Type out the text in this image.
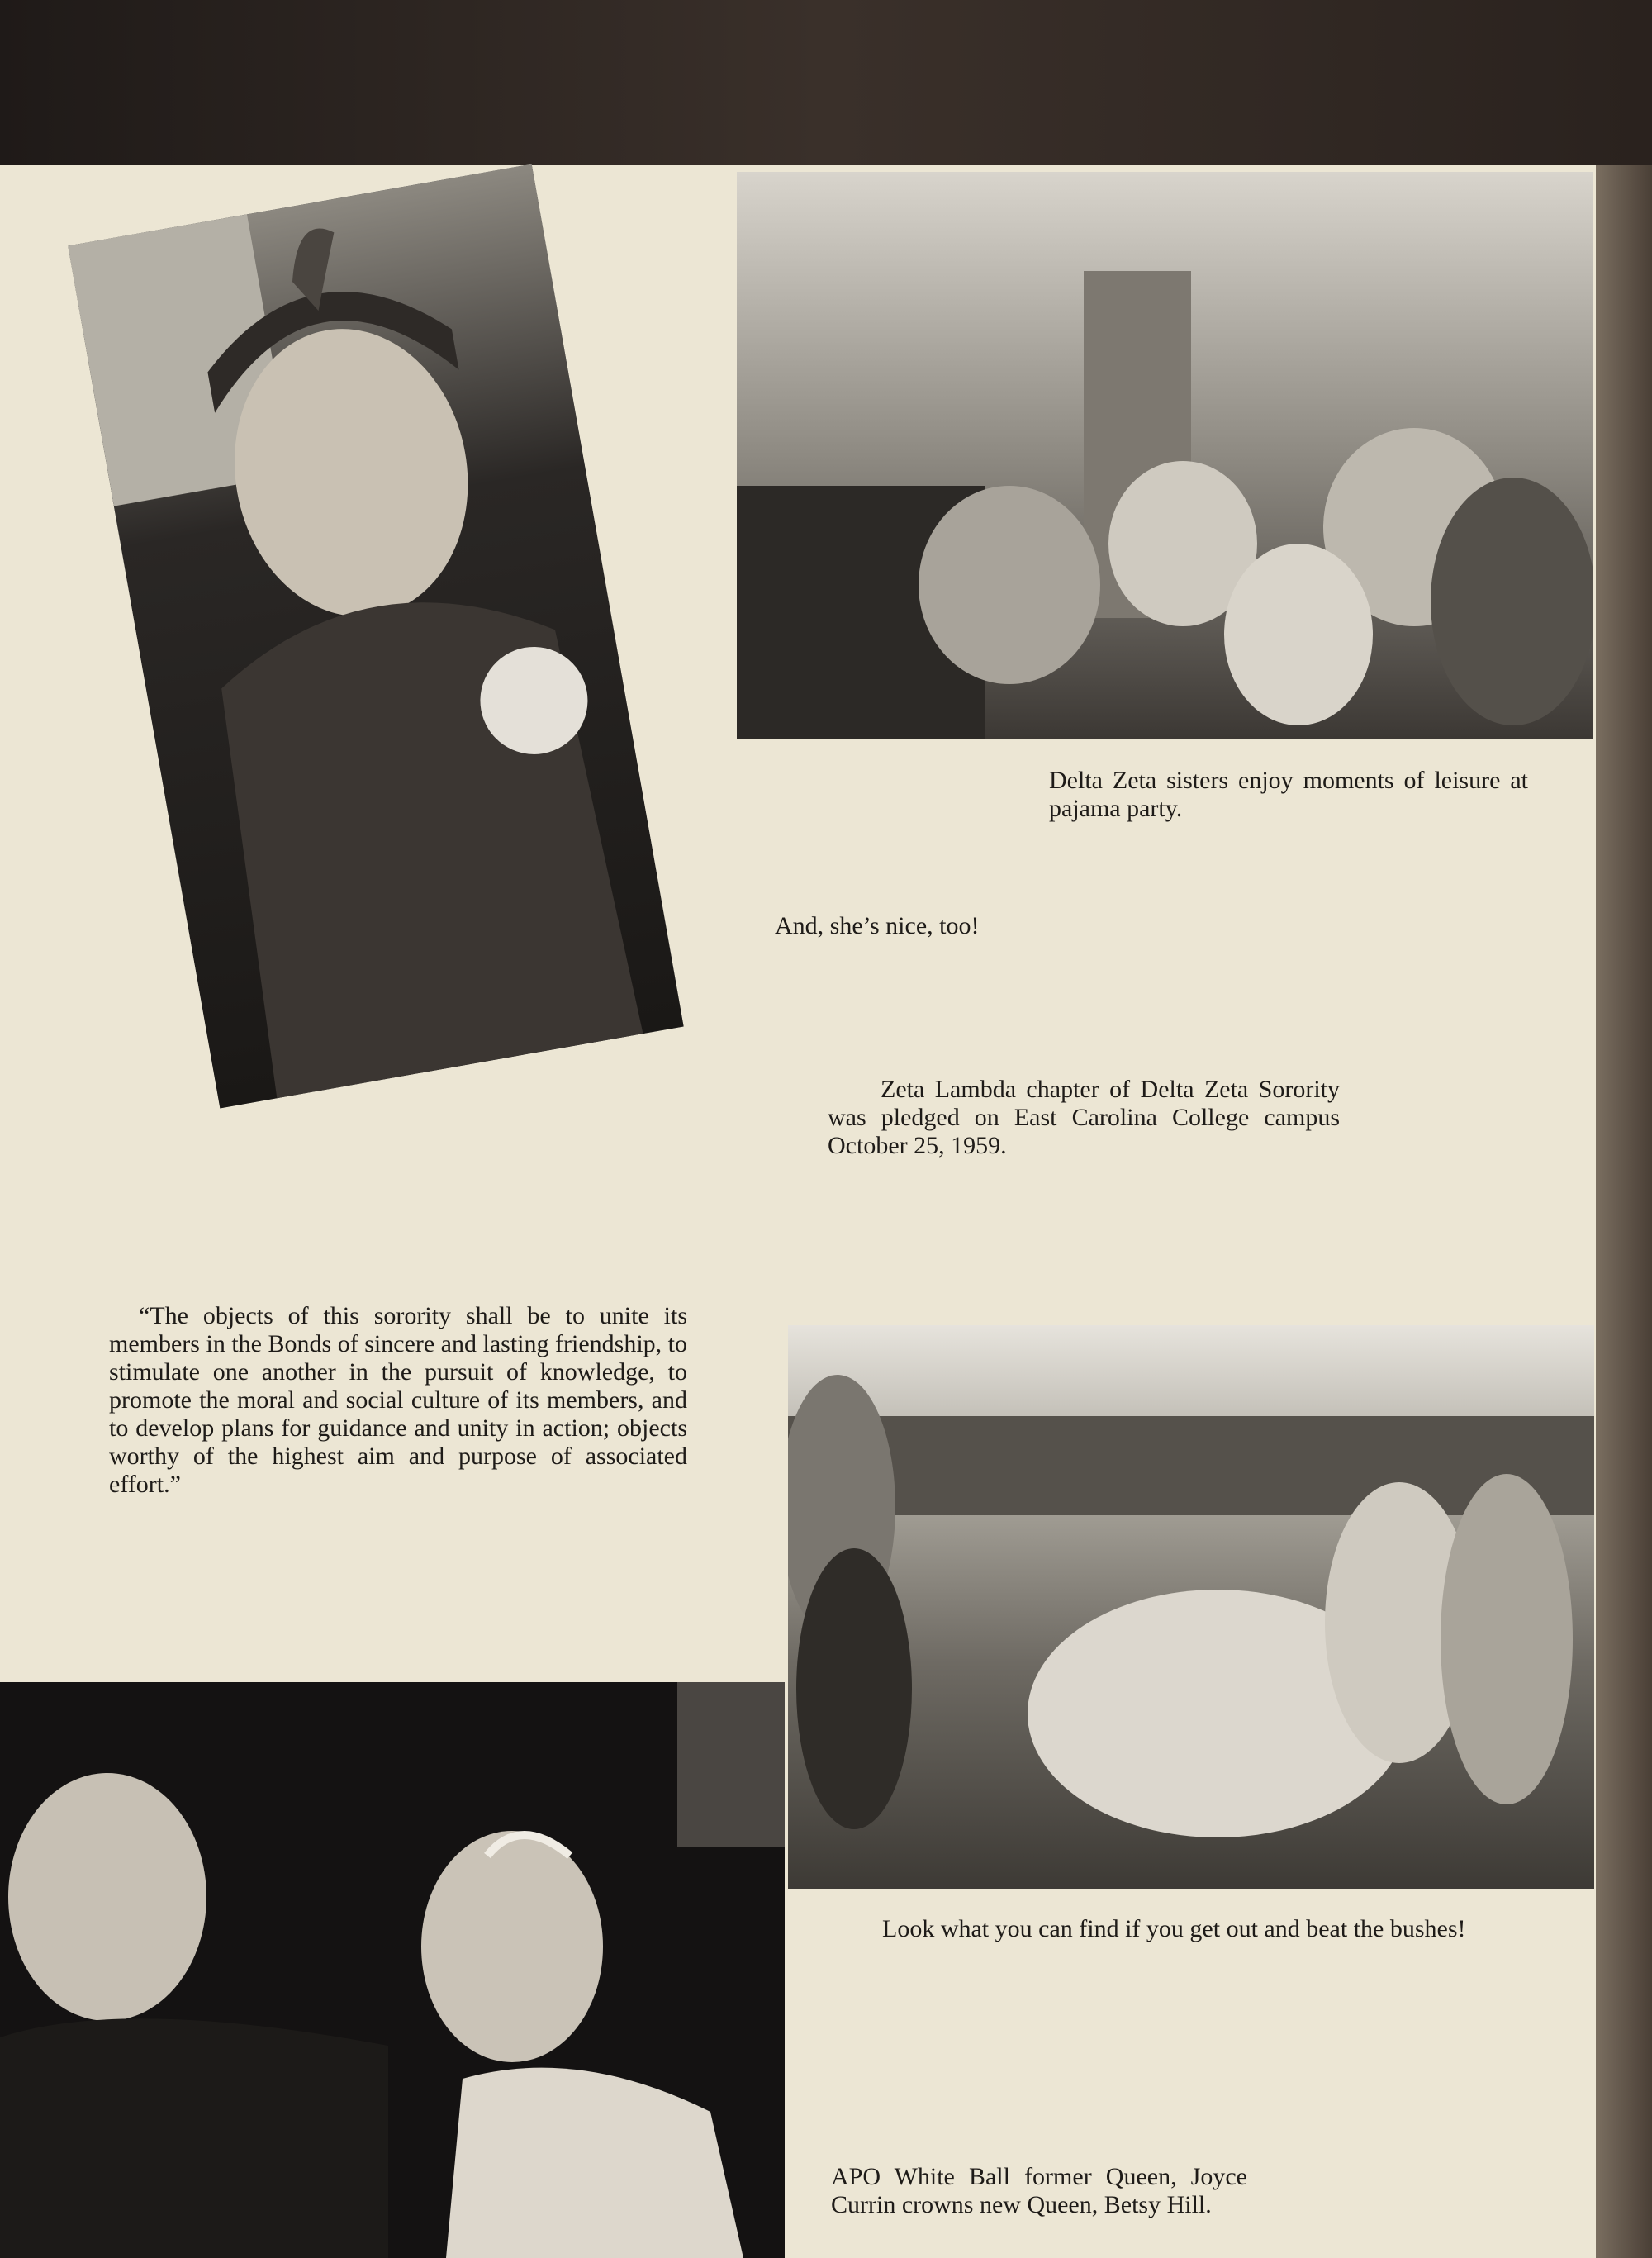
Delta Zeta sisters enjoy moments of leisure at pajama party.

And, she’s nice, too!

Zeta Lambda chapter of Delta Zeta Sorority was pledged on East Carolina College campus October 25, 1959.

“The objects of this sorority shall be to unite its members in the Bonds of sincere and lasting friendship, to stimulate one another in the pursuit of knowledge, to promote the moral and social culture of its members, and to develop plans for guidance and unity in action; objects worthy of the highest aim and purpose of associated effort.”

Look what you can find if you get out and beat the bushes!

APO White Ball former Queen, Joyce Currin crowns new Queen, Betsy Hill.
